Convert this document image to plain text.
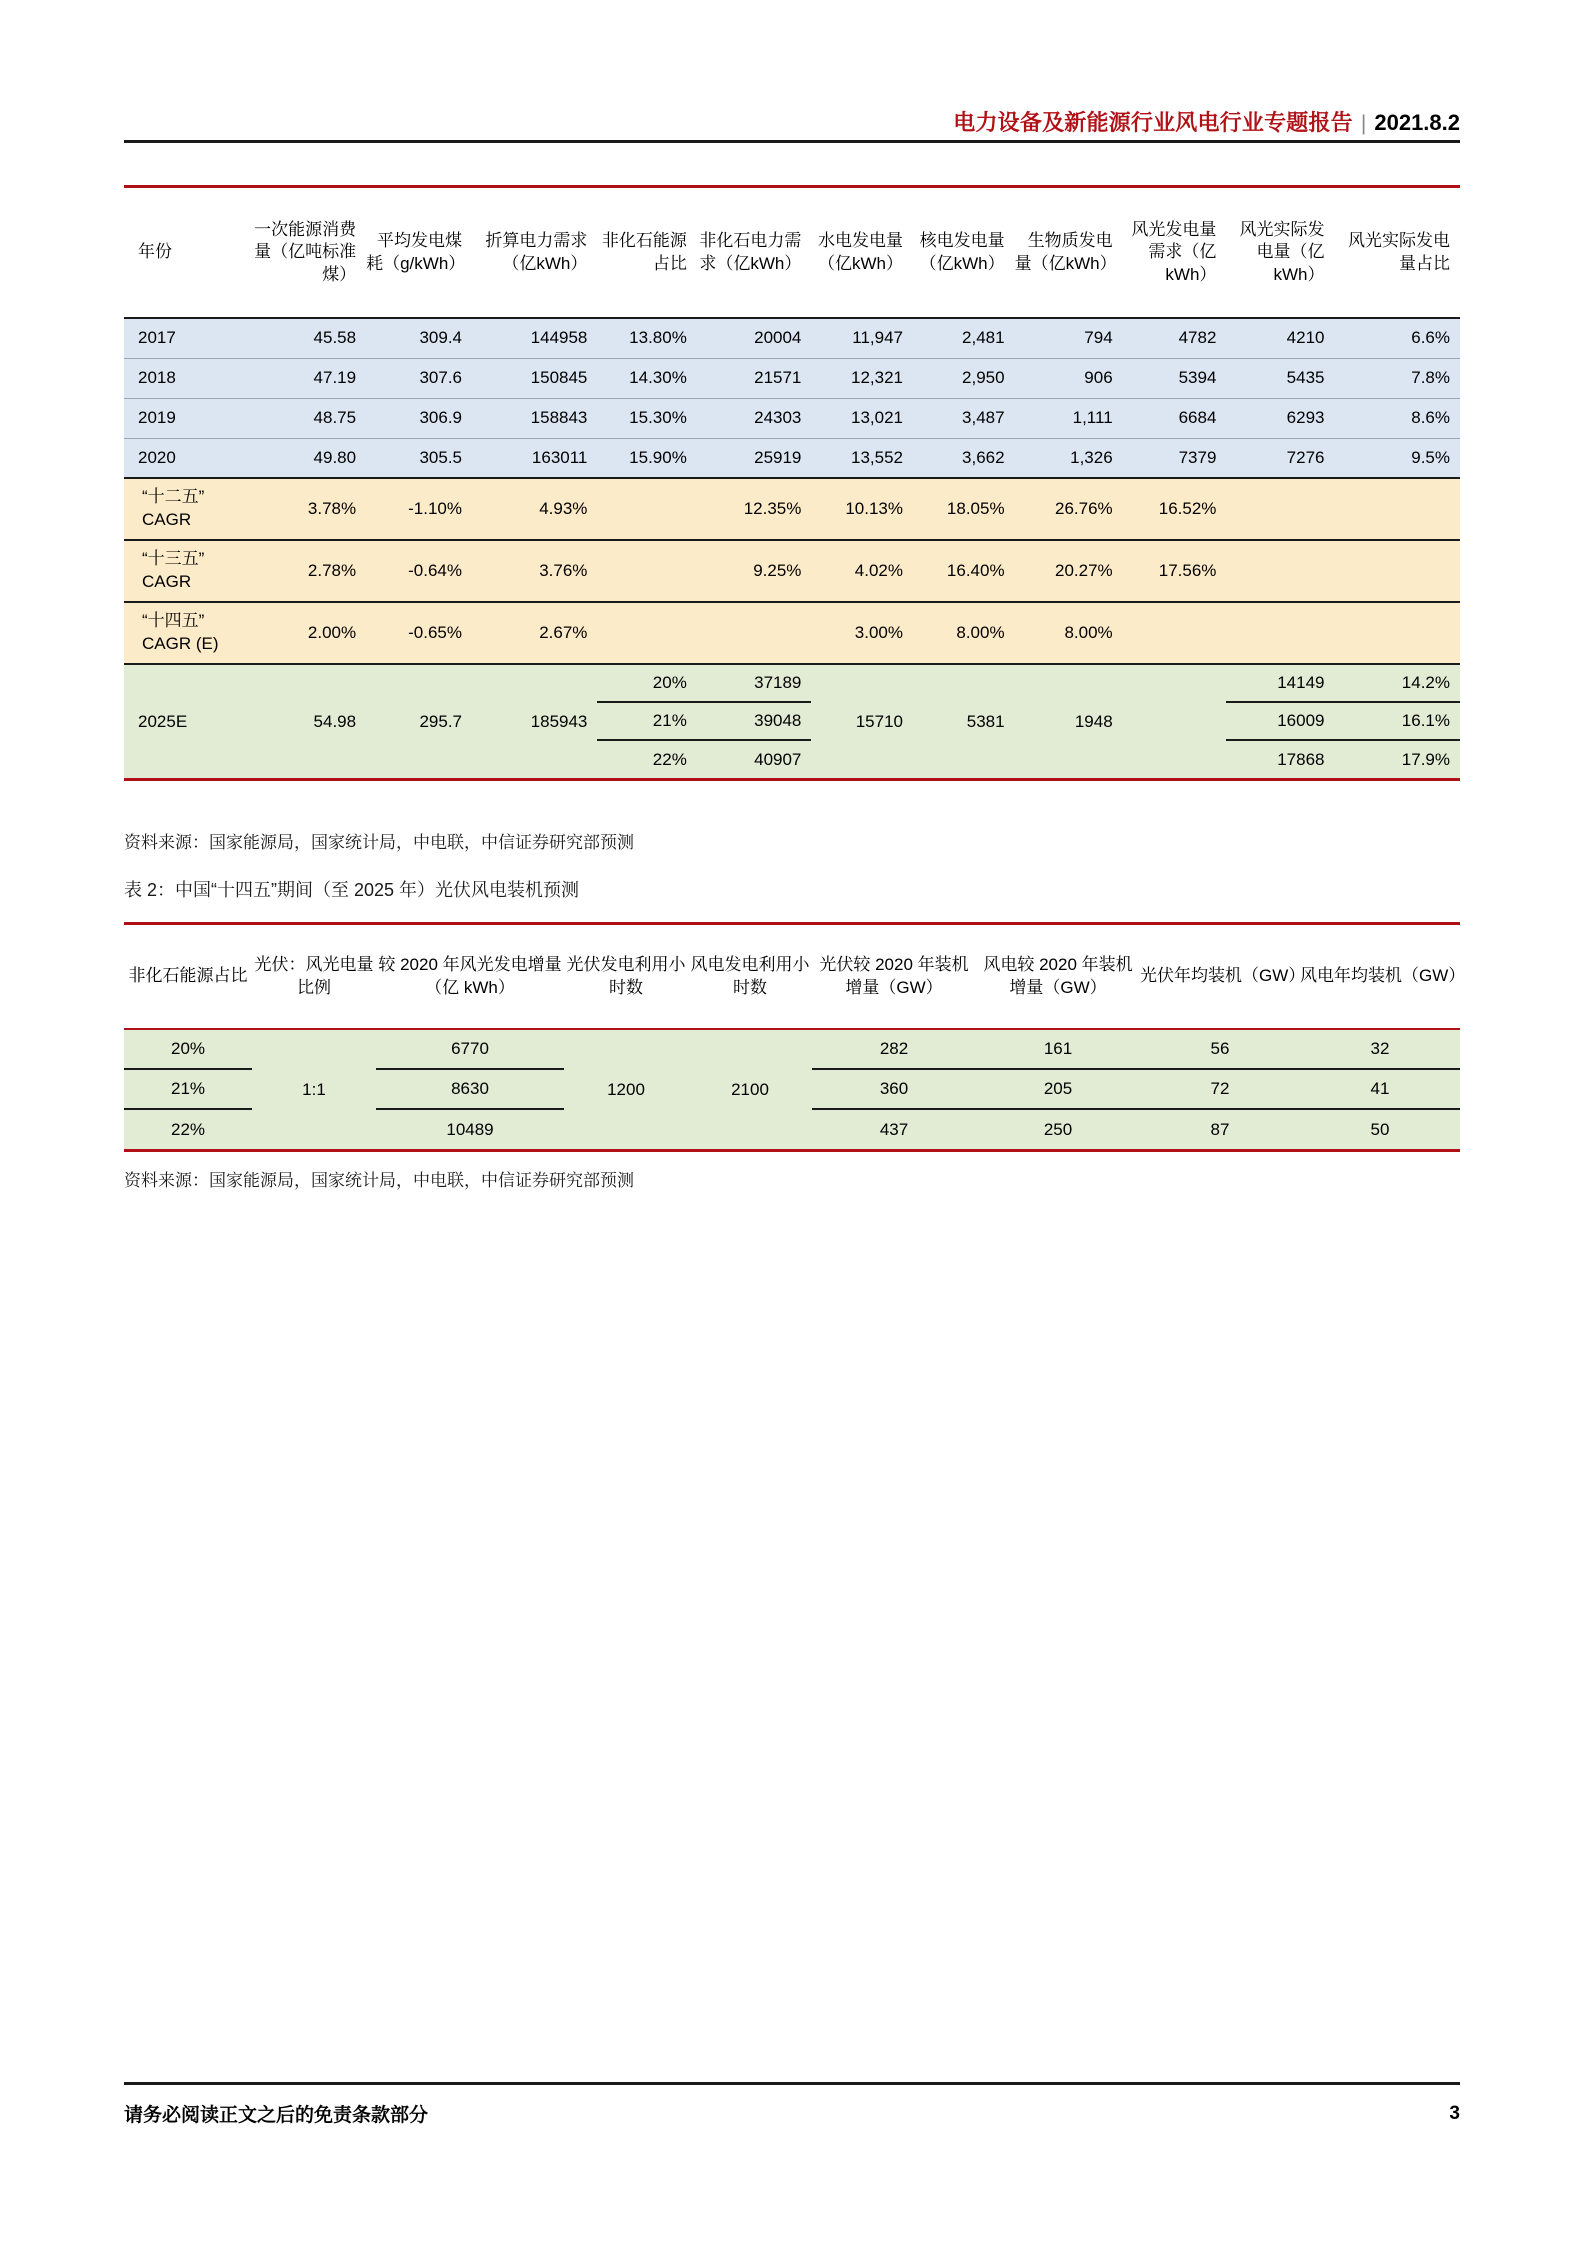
电力设备及新能源行业风电行业专题报告 | 2021.8.2
年份	一次能源消费量（亿吨标准煤）	平均发电煤耗（g/kWh）	折算电力需求（亿kWh）	非化石能源占比	非化石电力需求（亿kWh）	水电发电量（亿kWh）	核电发电量（亿kWh）	生物质发电量（亿kWh）	风光发电量需求（亿kWh）	风光实际发电量（亿kWh）	风光实际发电量占比
2017	45.58	309.4	144958	13.80%	20004	11,947	2,481	794	4782	4210	6.6%
2018	47.19	307.6	150845	14.30%	21571	12,321	2,950	906	5394	5435	7.8%
2019	48.75	306.9	158843	15.30%	24303	13,021	3,487	1,111	6684	6293	8.6%
2020	49.80	305.5	163011	15.90%	25919	13,552	3,662	1,326	7379	7276	9.5%
“十二五”
CAGR	3.78%	-1.10%	4.93%		12.35%	10.13%	18.05%	26.76%	16.52%		
“十三五”
CAGR	2.78%	-0.64%	3.76%		9.25%	4.02%	16.40%	20.27%	17.56%		
“十四五”
CAGR (E)	2.00%	-0.65%	2.67%			3.00%	8.00%	8.00%			
2025E	54.98	295.7	185943	20%	37189	15710	5381	1948		14149	14.2%
				21%	39048					16009	16.1%
				22%	40907					17868	17.9%
资料来源：国家能源局，国家统计局，中电联，中信证券研究部预测
表 2：中国“十四五”期间（至 2025 年）光伏风电装机预测
非化石能源占比	光伏：风光电量比例	较 2020 年风光发电增量（亿 kWh）	光伏发电利用小时数	风电发电利用小时数	光伏较 2020 年装机增量（GW）	风电较 2020 年装机增量（GW）	光伏年均装机（GW）	风电年均装机（GW）
20%	1:1	6770	1200	2100	282	161	56	32
21%		8630			360	205	72	41
22%		10489			437	250	87	50
资料来源：国家能源局，国家统计局，中电联，中信证券研究部预测
请务必阅读正文之后的免责条款部分	3
